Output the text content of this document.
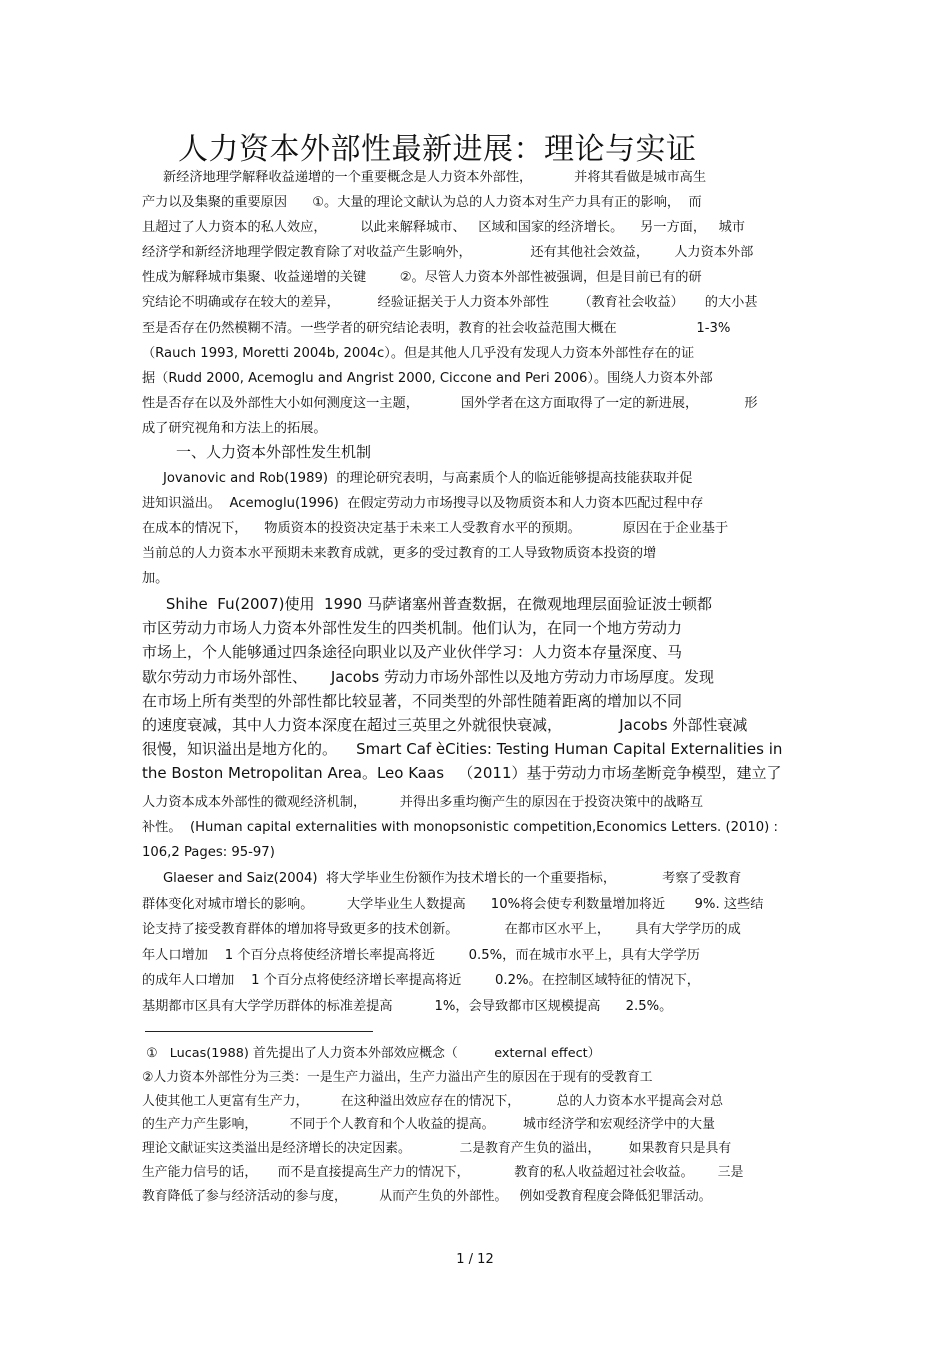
人力资本外部性最新进展：理论与实证

新经济地理学解释收益递增的一个重要概念是人力资本外部性，          并将其看做是城市高生

产力以及集聚的重要原因      ①。大量的理论文献认为总的人力资本对生产力具有正的影响，  而

且超过了人力资本的私人效应，        以此来解释城市、   区域和国家的经济增长。    另一方面，   城市

经济学和新经济地理学假定教育除了对收益产生影响外，              还有其他社会效益，      人力资本外部

性成为解释城市集聚、收益递增的关键        ②。尽管人力资本外部性被强调，但是目前已有的研

究结论不明确或存在较大的差异，         经验证据关于人力资本外部性       （教育社会收益）     的大小甚

至是否存在仍然模糊不清。一些学者的研究结论表明，教育的社会收益范围大概在                   1-3%

（Rauch 1993, Moretti 2004b, 2004c）。但是其他人几乎没有发现人力资本外部性存在的证

据（Rudd 2000, Acemoglu and Angrist 2000, Ciccone and Peri 2006）。围绕人力资本外部

性是否存在以及外部性大小如何测度这一主题，          国外学者在这方面取得了一定的新进展，           形

成了研究视角和方法上的拓展。

一、人力资本外部性发生机制

Jovanovic and Rob(1989)  的理论研究表明，与高素质个人的临近能够提高技能获取并促

进知识溢出。  Acemoglu(1996)  在假定劳动力市场搜寻以及物质资本和人力资本匹配过程中存

在成本的情况下，    物质资本的投资决定基于未来工人受教育水平的预期。          原因在于企业基于

当前总的人力资本水平预期未来教育成就，更多的受过教育的工人导致物质资本投资的增

加。

Shihe  Fu(2007)使用  1990 马萨诸塞州普查数据，在微观地理层面验证波士顿都

市区劳动力市场人力资本外部性发生的四类机制。他们认为，在同一个地方劳动力

市场上，个人能够通过四条途径向职业以及产业伙伴学习：人力资本存量深度、马

歇尔劳动力市场外部性、     Jacobs 劳动力市场外部性以及地方劳动力市场厚度。发现

在市场上所有类型的外部性都比较显著，不同类型的外部性随着距离的增加以不同

的速度衰减，其中人力资本深度在超过三英里之外就很快衰减，            Jacobs 外部性衰减

很慢，知识溢出是地方化的。    Smart Caf èCities: Testing Human Capital Externalities in

the Boston Metropolitan Area。Leo Kaas   （2011）基于劳动力市场垄断竞争模型，建立了

人力资本成本外部性的微观经济机制，        并得出多重均衡产生的原因在于投资决策中的战略互

补性。  (Human capital externalities with monopsonistic competition,Economics Letters. (2010) :

106,2 Pages: 95-97)

Glaeser and Saiz(2004)  将大学毕业生份额作为技术增长的一个重要指标，           考察了受教育

群体变化对城市增长的影响。        大学毕业生人数提高      10%将会使专利数量增加将近       9%. 这些结

论支持了接受教育群体的增加将导致更多的技术创新。           在都市区水平上，      具有大学学历的成

年人口增加    1 个百分点将使经济增长率提高将近        0.5%，而在城市水平上，具有大学学历

的成年人口增加    1 个百分点将使经济增长率提高将近        0.2%。在控制区域特征的情况下，

基期都市区具有大学学历群体的标准差提高          1%，会导致都市区规模提高      2.5%。

①   Lucas(1988) 首先提出了人力资本外部效应概念（         external effect）

②人力资本外部性分为三类：一是生产力溢出，生产力溢出产生的原因在于现有的受教育工

人使其他工人更富有生产力，        在这种溢出效应存在的情况下，         总的人力资本水平提高会对总

的生产力产生影响，        不同于个人教育和个人收益的提高。       城市经济学和宏观经济学中的大量

理论文献证实这类溢出是经济增长的决定因素。            二是教育产生负的溢出，       如果教育只是具有

生产能力信号的话，     而不是直接提高生产力的情况下，           教育的私人收益超过社会收益。      三是

教育降低了参与经济活动的参与度，        从而产生负的外部性。   例如受教育程度会降低犯罪活动。

1 / 12
